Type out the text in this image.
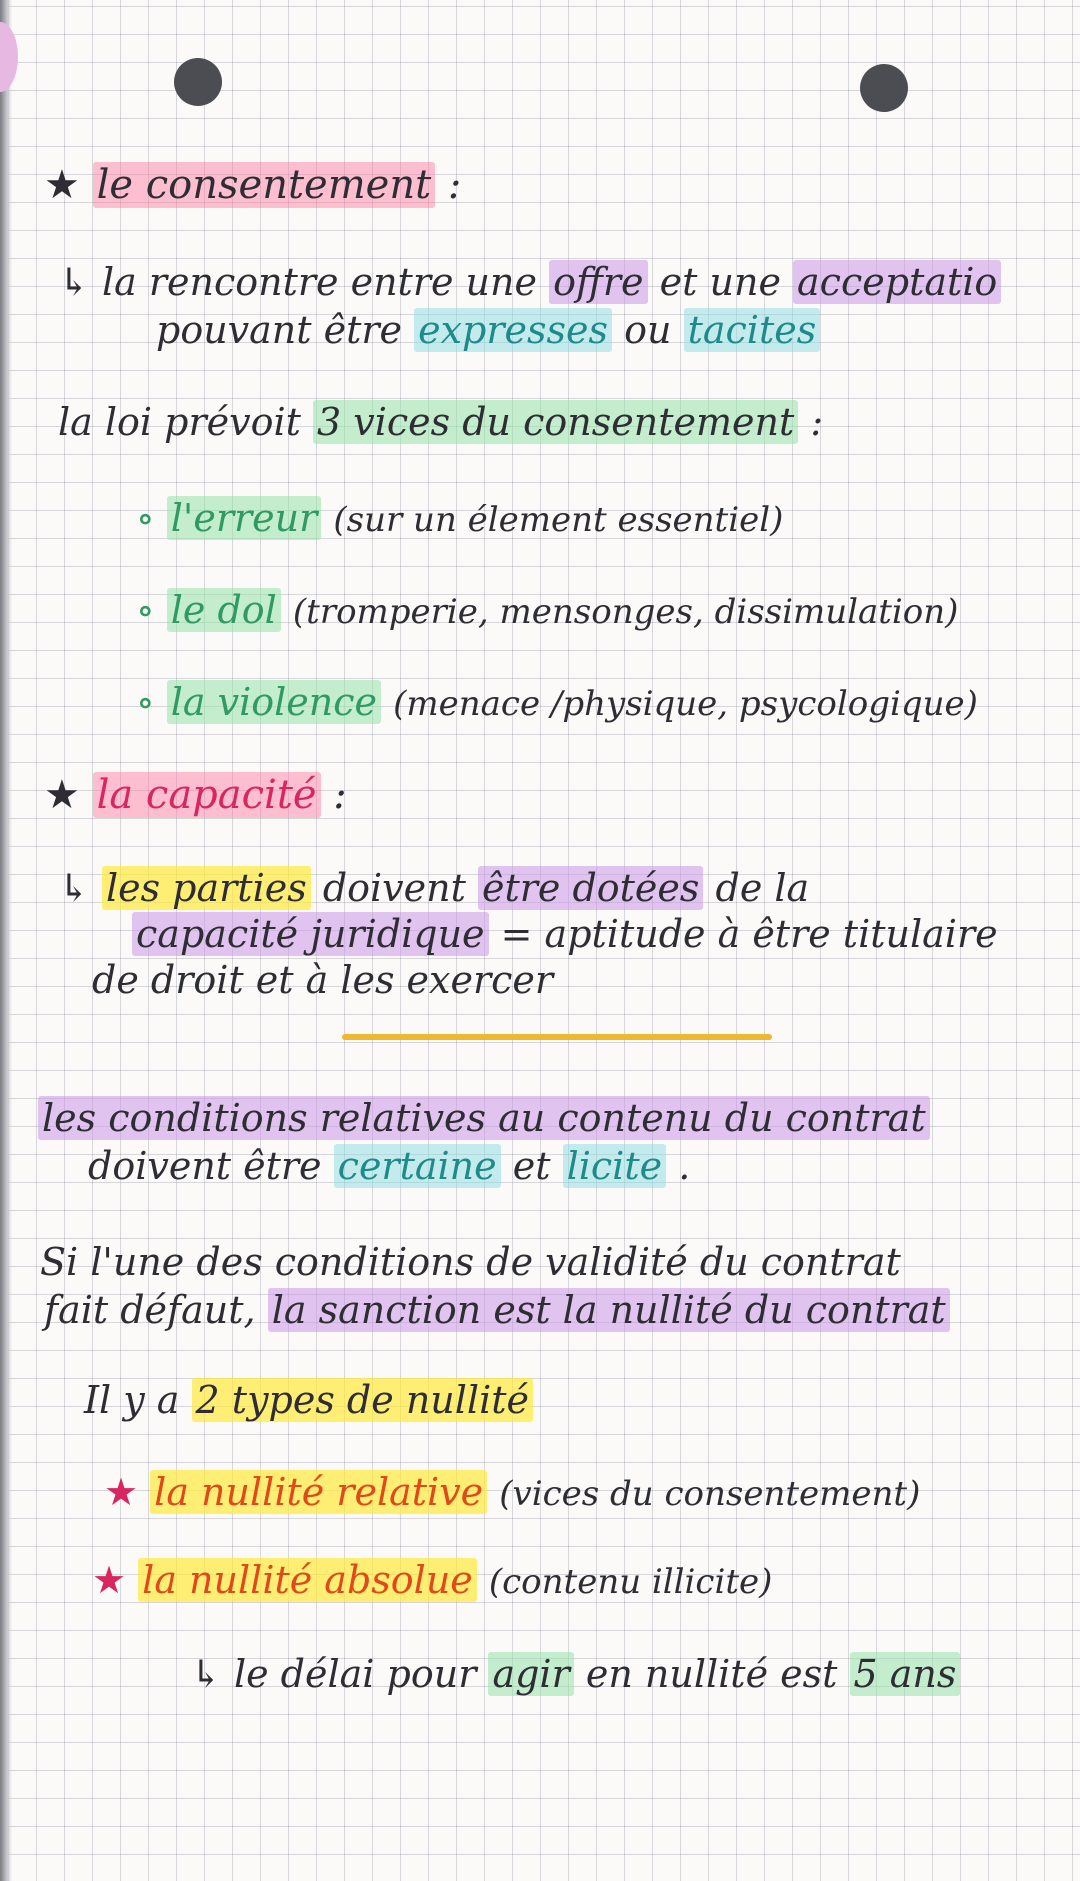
★ le consentement :
↳ la rencontre entre une offre et une acceptatio
pouvant être expresses ou tacites
la loi prévoit 3 vices du consentement :
∘ l'erreur (sur un élement essentiel)
∘ le dol (tromperie, mensonges, dissimulation)
∘ la violence (menace /physique, psycologique)
★ la capacité :
↳ les parties doivent être dotées de la
capacité juridique = aptitude à être titulaire
de droit et à les exercer
les conditions relatives au contenu du contrat
doivent être certaine et licite .
Si l'une des conditions de validité du contrat
fait défaut, la sanction est la nullité du contrat
Il y a 2 types de nullité
★ la nullité relative (vices du consentement)
★ la nullité absolue (contenu illicite)
↳ le délai pour agir en nullité est 5 ans
